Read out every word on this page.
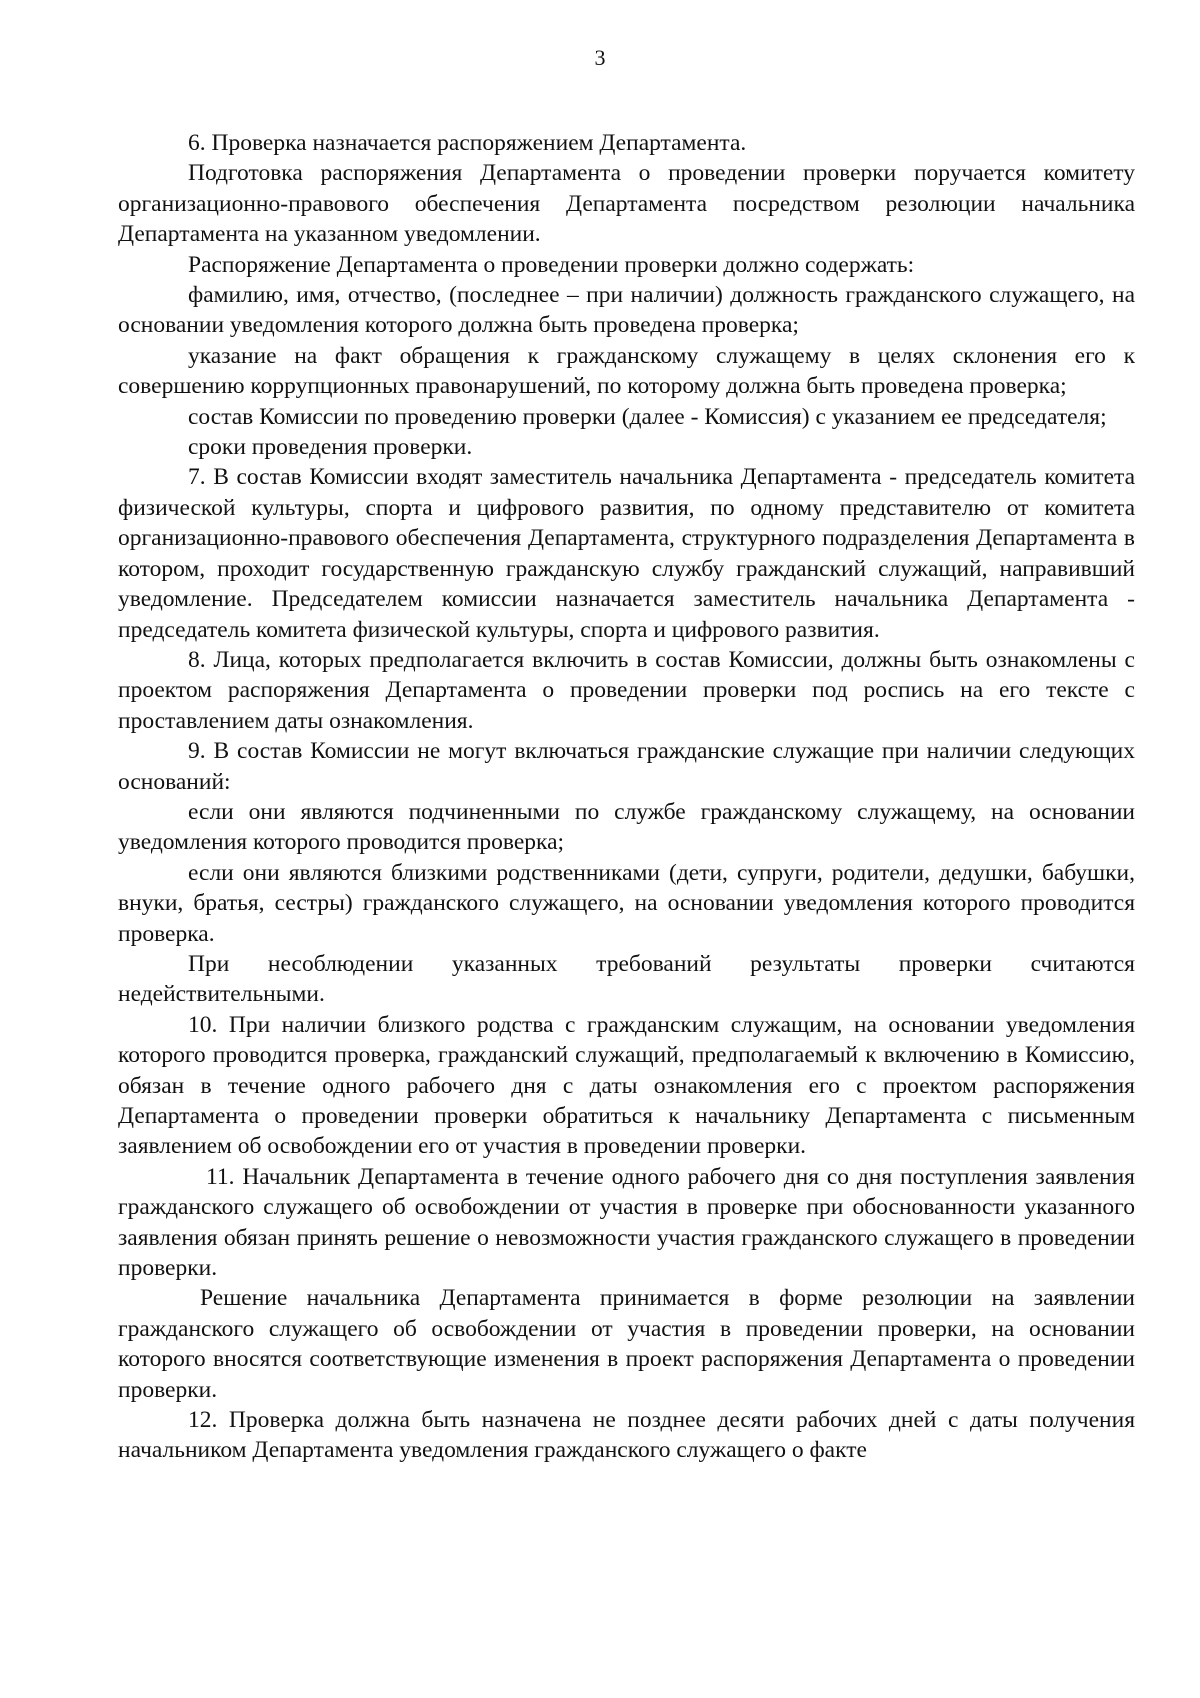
3

6. Проверка назначается распоряжением Департамента.

Подготовка распоряжения Департамента о проведении проверки поручается комитету организационно-правового обеспечения Департамента посредством резолюции начальника Департамента на указанном уведомлении.

Распоряжение Департамента о проведении проверки должно содержать:

фамилию, имя, отчество, (последнее – при наличии) должность гражданского служащего, на основании уведомления которого должна быть проведена проверка;

указание на факт обращения к гражданскому служащему в целях склонения его к совершению коррупционных правонарушений, по которому должна быть проведена проверка;

состав Комиссии по проведению проверки (далее - Комиссия) с указанием ее председателя;

сроки проведения проверки.

7. В состав Комиссии входят заместитель начальника Департамента - председатель комитета физической культуры, спорта и цифрового развития, по одному представителю от комитета организационно-правового обеспечения Департамента, структурного подразделения Департамента в котором, проходит государственную гражданскую службу гражданский служащий, направивший уведомление. Председателем комиссии назначается заместитель начальника Департамента - председатель комитета физической культуры, спорта и цифрового развития.

8. Лица, которых предполагается включить в состав Комиссии, должны быть ознакомлены с проектом распоряжения Департамента о проведении проверки под роспись на его тексте с проставлением даты ознакомления.

9. В состав Комиссии не могут включаться гражданские служащие при наличии следующих оснований:

если они являются подчиненными по службе гражданскому служащему, на основании уведомления которого проводится проверка;

если они являются близкими родственниками (дети, супруги, родители, дедушки, бабушки, внуки, братья, сестры) гражданского служащего, на основании уведомления которого проводится проверка.

При несоблюдении указанных требований результаты проверки считаются недействительными.

10. При наличии близкого родства с гражданским служащим, на основании уведомления которого проводится проверка, гражданский служащий, предполагаемый к включению в Комиссию, обязан в течение одного рабочего дня с даты ознакомления его с проектом распоряжения Департамента о проведении проверки обратиться к начальнику Департамента с письменным заявлением об освобождении его от участия в проведении проверки.

11. Начальник Департамента в течение одного рабочего дня со дня поступления заявления гражданского служащего об освобождении от участия в проверке при обоснованности указанного заявления обязан принять решение о невозможности участия гражданского служащего в проведении проверки.

Решение начальника Департамента принимается в форме резолюции на заявлении гражданского служащего об освобождении от участия в проведении проверки, на основании которого вносятся соответствующие изменения в проект распоряжения Департамента о проведении проверки.

12. Проверка должна быть назначена не позднее десяти рабочих дней с даты получения начальником Департамента уведомления гражданского служащего о факте
